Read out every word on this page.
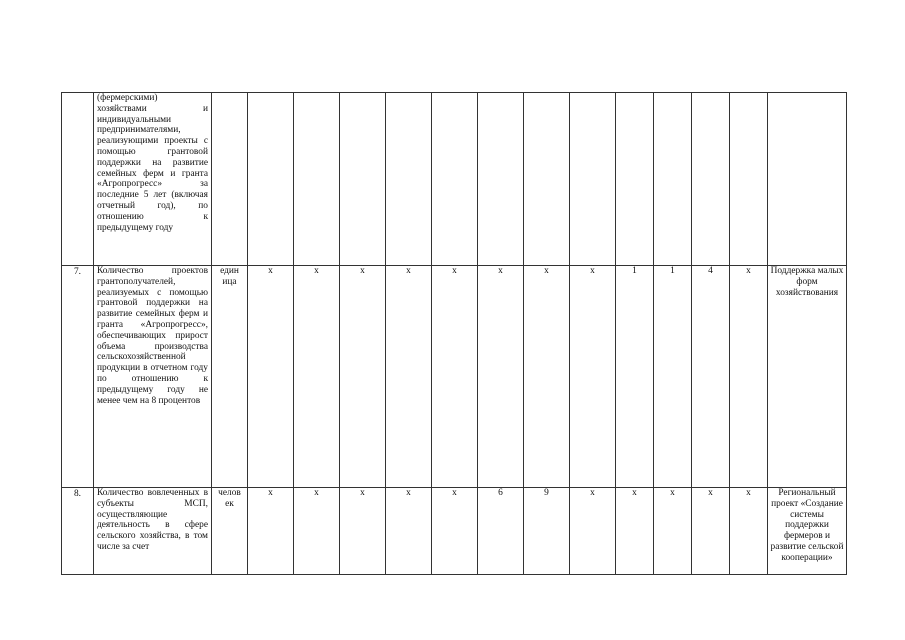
	(фермерскими) хозяйствами и индивидуальными предпринимателями, реализующими проекты с помощью грантовой поддержки на развитие семейных ферм и гранта «Агропрогресс» за последние 5 лет (включая отчетный год), по отношению к предыдущему году														
7.	Количество проектов грантополучателей, реализуемых с помощью грантовой поддержки на развитие семейных ферм и гранта «Агропрогресс», обеспечивающих прирост объема производства сельскохозяйственной продукции в отчетном году по отношению к предыдущему году не менее чем на 8 процентов	един ица	x	x	x	x	x	x	x	x	1	1	4	x	Поддержка малых форм хозяйствования
8.	Количество вовлеченных в субъекты МСП, осуществляющие деятельность в сфере сельского хозяйства, в том числе за счет	челов ек	x	x	x	x	x	6	9	x	x	x	x	x	Региональный проект «Создание системы поддержки фермеров и развитие сельской кооперации»
